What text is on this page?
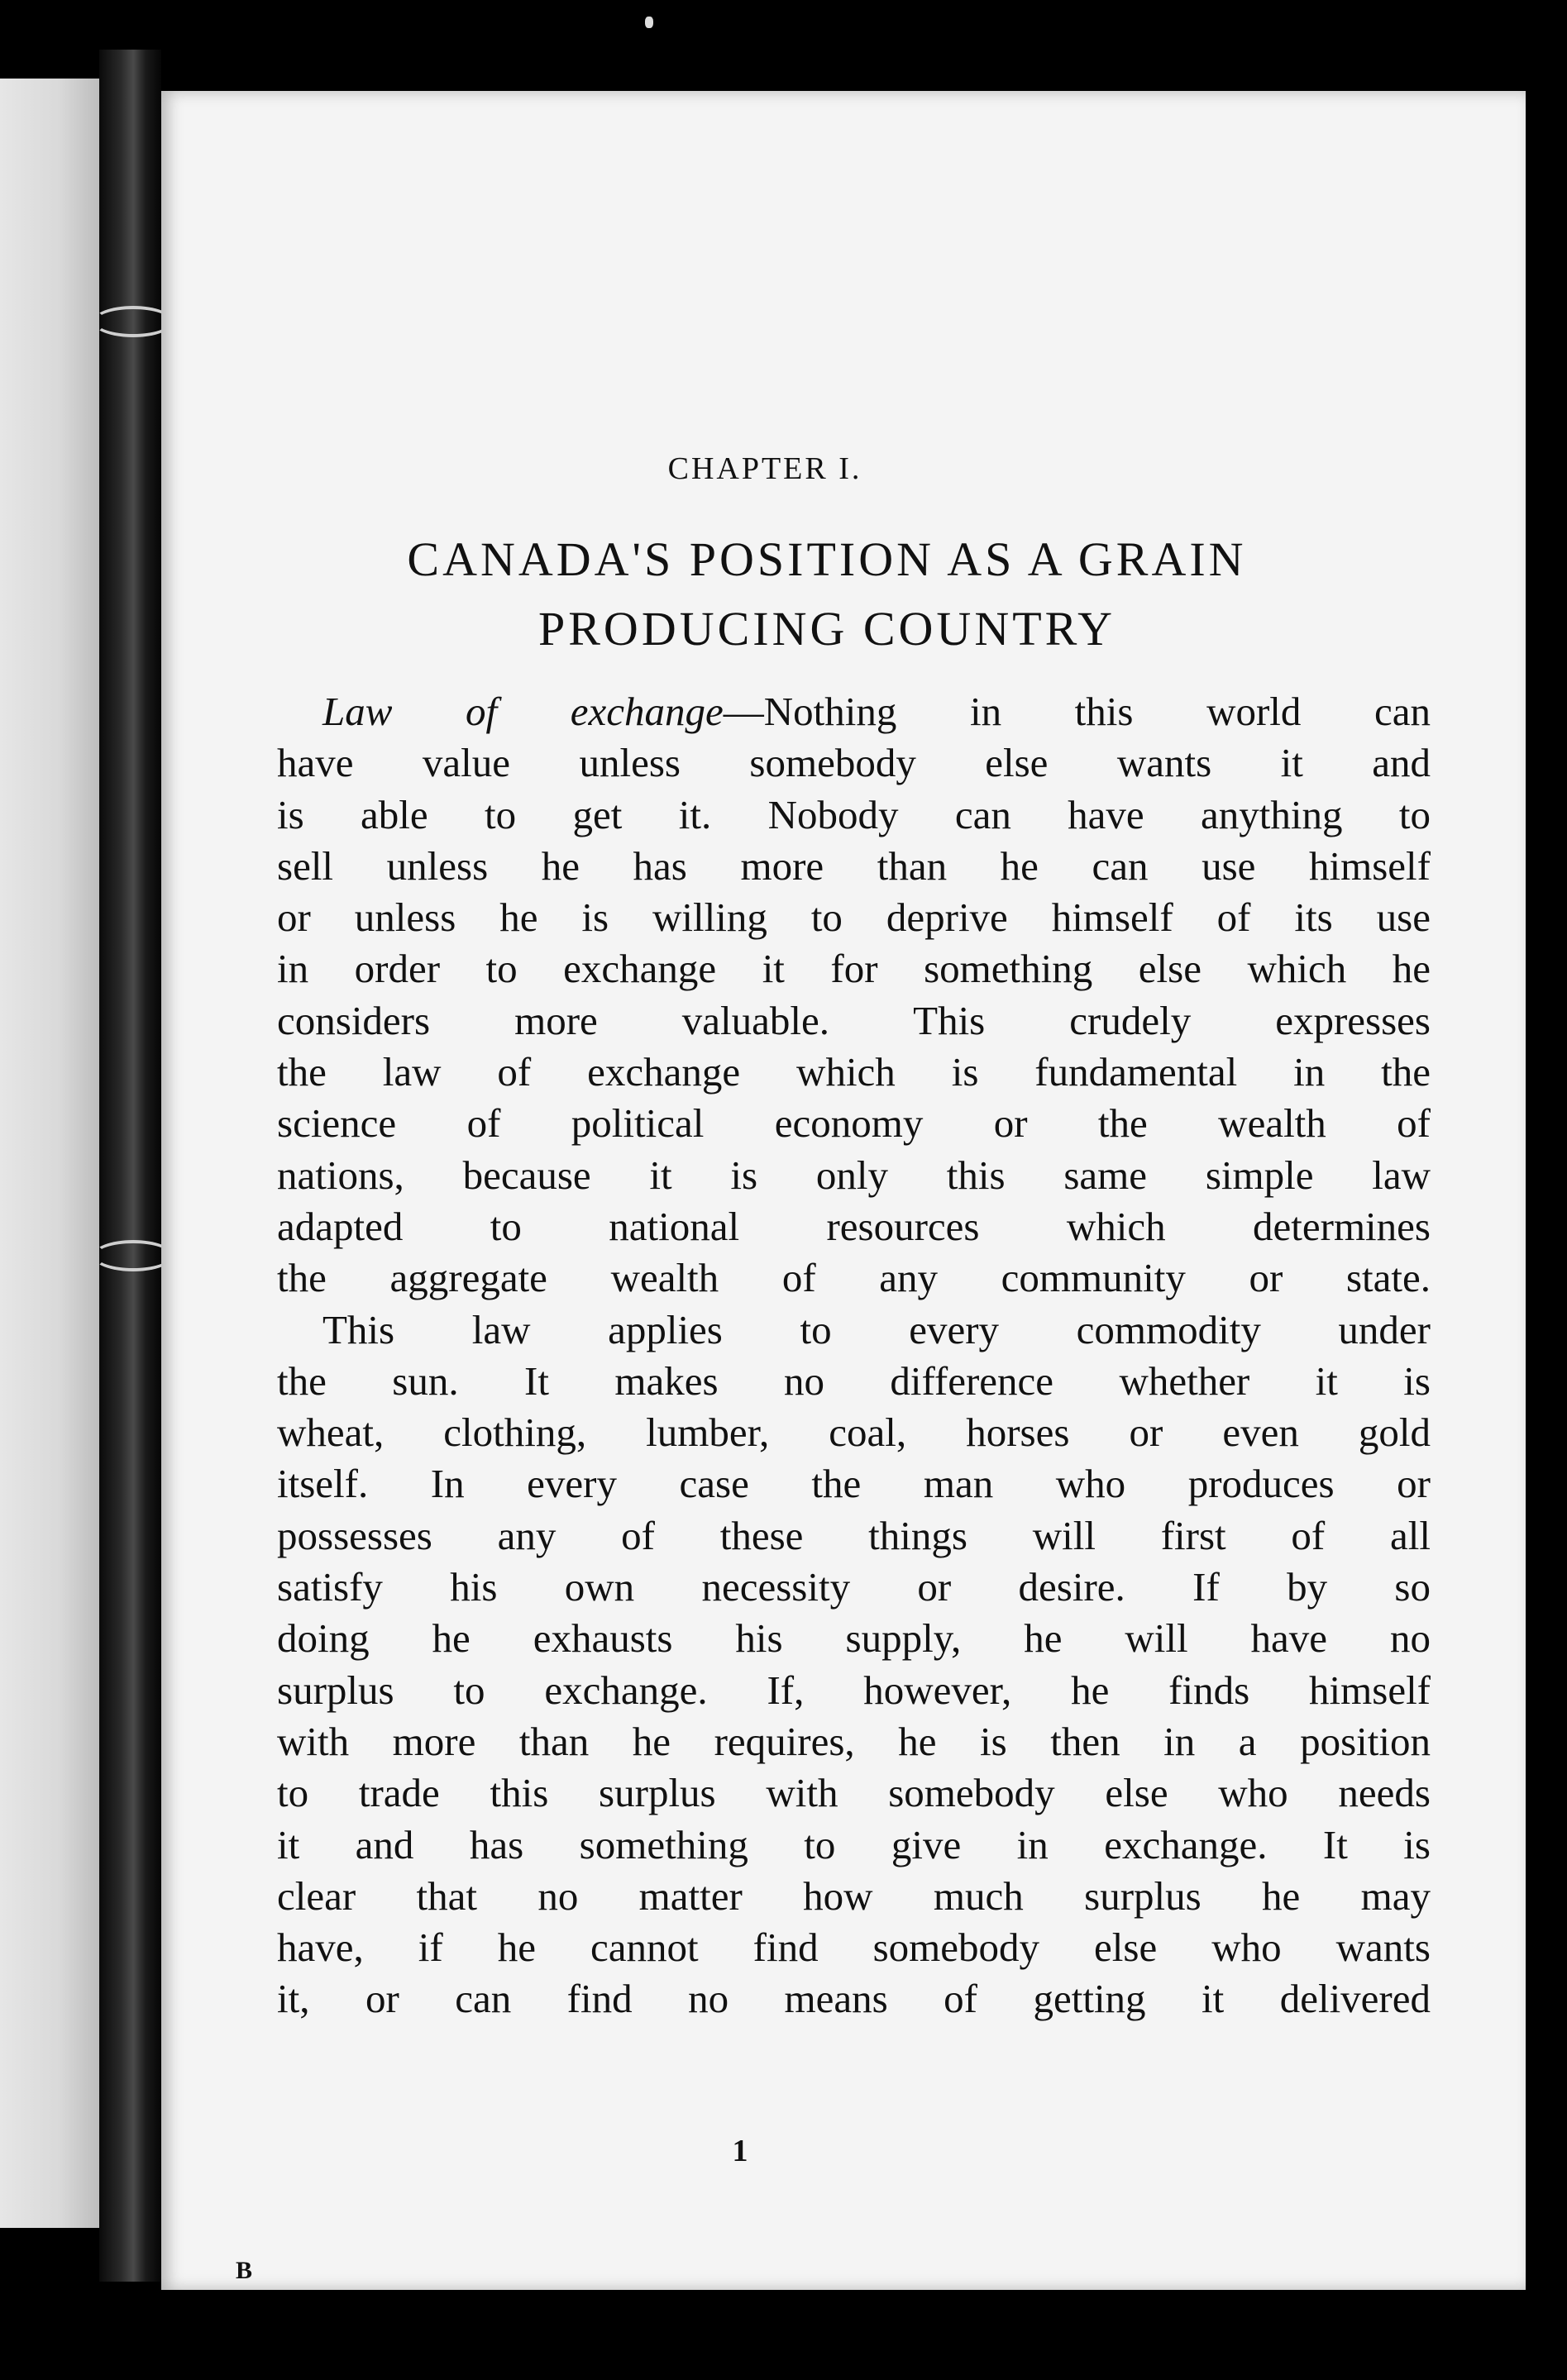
CHAPTER I.
CANADA'S POSITION AS A GRAIN
PRODUCING COUNTRY
Law of exchange—Nothing in this world can
have value unless somebody else wants it and
is able to get it. Nobody can have anything to
sell unless he has more than he can use himself
or unless he is willing to deprive himself of its use
in order to exchange it for something else which he
considers more valuable. This crudely expresses
the law of exchange which is fundamental in the
science of political economy or the wealth of
nations, because it is only this same simple law
adapted to national resources which determines
the aggregate wealth of any community or state.
This law applies to every commodity under
the sun. It makes no difference whether it is
wheat, clothing, lumber, coal, horses or even gold
itself. In every case the man who produces or
possesses any of these things will first of all
satisfy his own necessity or desire. If by so
doing he exhausts his supply, he will have no
surplus to exchange. If, however, he finds himself
with more than he requires, he is then in a position
to trade this surplus with somebody else who needs
it and has something to give in exchange. It is
clear that no matter how much surplus he may
have, if he cannot find somebody else who wants
it, or can find no means of getting it delivered
1
B
